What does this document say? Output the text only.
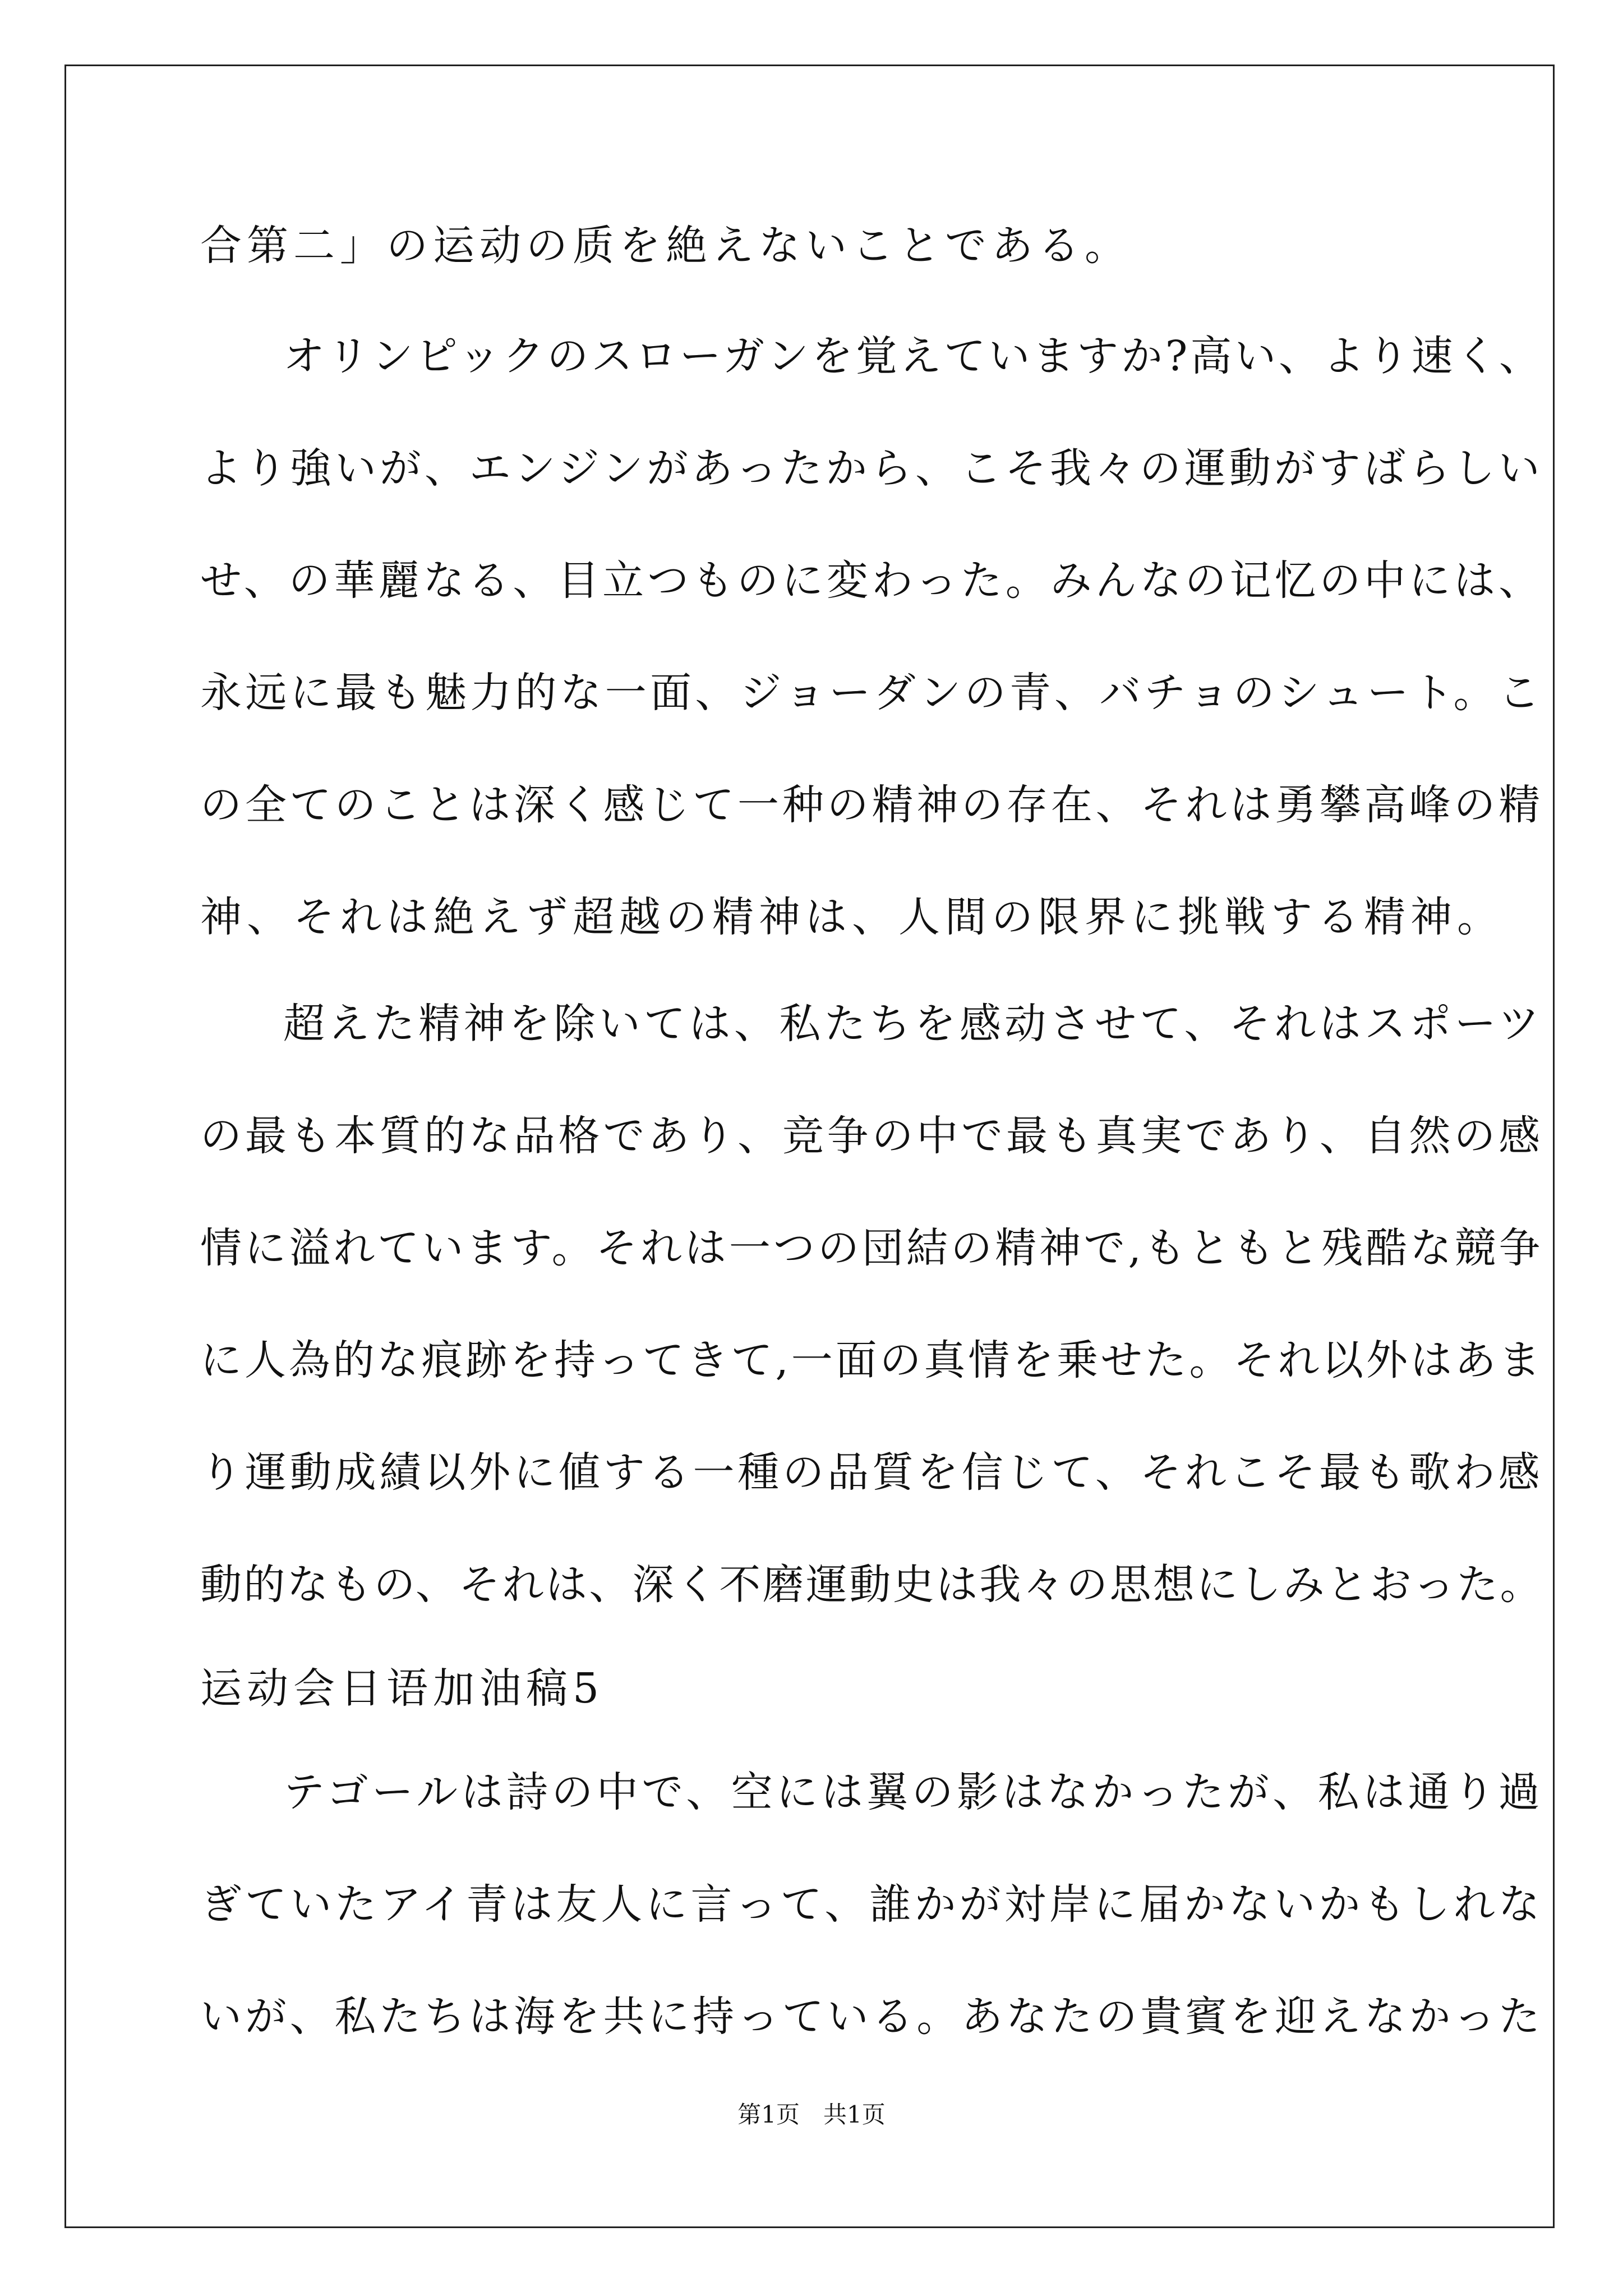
合第二」の运动の质を絶えないことである。
オリンピックのスローガンを覚えていますか?高い、より速く、
より強いが、エンジンがあったから、こそ我々の運動がすばらしい
せ、の華麗なる、目立つものに変わった。みんなの记忆の中には、
永远に最も魅力的な一面、ジョーダンの青、バチョのシュート。こ
の全てのことは深く感じて一种の精神の存在、それは勇攀高峰の精
神、それは絶えず超越の精神は、人間の限界に挑戦する精神。
超えた精神を除いては、私たちを感动させて、それはスポーツ
の最も本質的な品格であり、竞争の中で最も真実であり、自然の感
情に溢れています。それは一つの団結の精神で,もともと残酷な競争
に人為的な痕跡を持ってきて,一面の真情を乗せた。それ以外はあま
り運動成績以外に値する一種の品質を信じて、それこそ最も歌わ感
動的なもの、それは、深く不磨運動史は我々の思想にしみとおった。
运动会日语加油稿5
テゴールは詩の中で、空には翼の影はなかったが、私は通り過
ぎていたアイ青は友人に言って、誰かが対岸に届かないかもしれな
いが、私たちは海を共に持っている。あなたの貴賓を迎えなかった
第1页　共1页
